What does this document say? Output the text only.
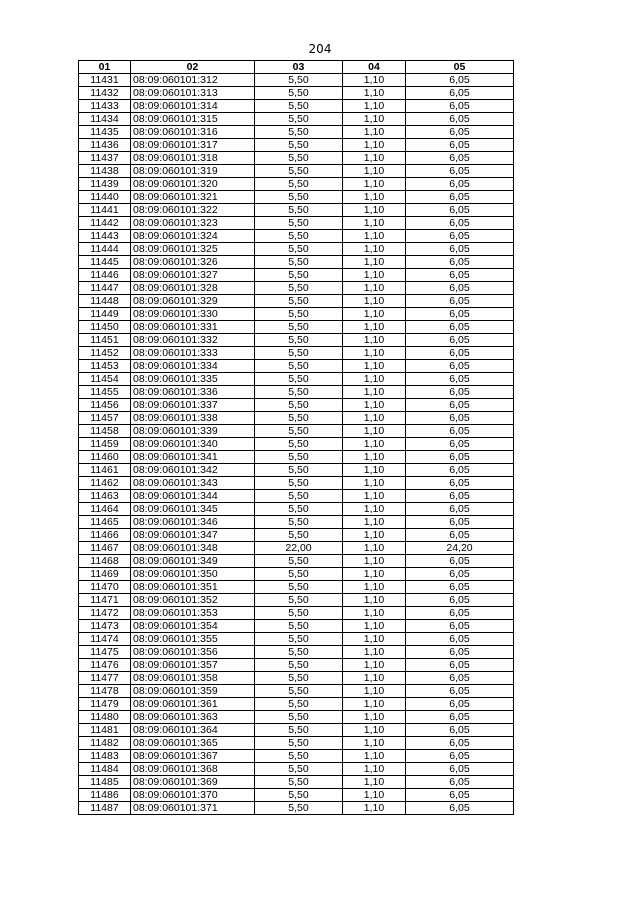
204
01	02	03	04	05
11431	08:09:060101:312	5,50	1,10	6,05
11432	08:09:060101:313	5,50	1,10	6,05
11433	08:09:060101:314	5,50	1,10	6,05
11434	08:09:060101:315	5,50	1,10	6,05
11435	08:09:060101:316	5,50	1,10	6,05
11436	08:09:060101:317	5,50	1,10	6,05
11437	08:09:060101:318	5,50	1,10	6,05
11438	08:09:060101:319	5,50	1,10	6,05
11439	08:09:060101:320	5,50	1,10	6,05
11440	08:09:060101:321	5,50	1,10	6,05
11441	08:09:060101:322	5,50	1,10	6,05
11442	08:09:060101:323	5,50	1,10	6,05
11443	08:09:060101:324	5,50	1,10	6,05
11444	08:09:060101:325	5,50	1,10	6,05
11445	08:09:060101:326	5,50	1,10	6,05
11446	08:09:060101:327	5,50	1,10	6,05
11447	08:09:060101:328	5,50	1,10	6,05
11448	08:09:060101:329	5,50	1,10	6,05
11449	08:09:060101:330	5,50	1,10	6,05
11450	08:09:060101:331	5,50	1,10	6,05
11451	08:09:060101:332	5,50	1,10	6,05
11452	08:09:060101:333	5,50	1,10	6,05
11453	08:09:060101:334	5,50	1,10	6,05
11454	08:09:060101:335	5,50	1,10	6,05
11455	08:09:060101:336	5,50	1,10	6,05
11456	08:09:060101:337	5,50	1,10	6,05
11457	08:09:060101:338	5,50	1,10	6,05
11458	08:09:060101:339	5,50	1,10	6,05
11459	08:09:060101:340	5,50	1,10	6,05
11460	08:09:060101:341	5,50	1,10	6,05
11461	08:09:060101:342	5,50	1,10	6,05
11462	08:09:060101:343	5,50	1,10	6,05
11463	08:09:060101:344	5,50	1,10	6,05
11464	08:09:060101:345	5,50	1,10	6,05
11465	08:09:060101:346	5,50	1,10	6,05
11466	08:09:060101:347	5,50	1,10	6,05
11467	08:09:060101:348	22,00	1,10	24,20
11468	08:09:060101:349	5,50	1,10	6,05
11469	08:09:060101:350	5,50	1,10	6,05
11470	08:09:060101:351	5,50	1,10	6,05
11471	08:09:060101:352	5,50	1,10	6,05
11472	08:09:060101:353	5,50	1,10	6,05
11473	08:09:060101:354	5,50	1,10	6,05
11474	08:09:060101:355	5,50	1,10	6,05
11475	08:09:060101:356	5,50	1,10	6,05
11476	08:09:060101:357	5,50	1,10	6,05
11477	08:09:060101:358	5,50	1,10	6,05
11478	08:09:060101:359	5,50	1,10	6,05
11479	08:09:060101:361	5,50	1,10	6,05
11480	08:09:060101:363	5,50	1,10	6,05
11481	08:09:060101:364	5,50	1,10	6,05
11482	08:09:060101:365	5,50	1,10	6,05
11483	08:09:060101:367	5,50	1,10	6,05
11484	08:09:060101:368	5,50	1,10	6,05
11485	08:09:060101:369	5,50	1,10	6,05
11486	08:09:060101:370	5,50	1,10	6,05
11487	08:09:060101:371	5,50	1,10	6,05
